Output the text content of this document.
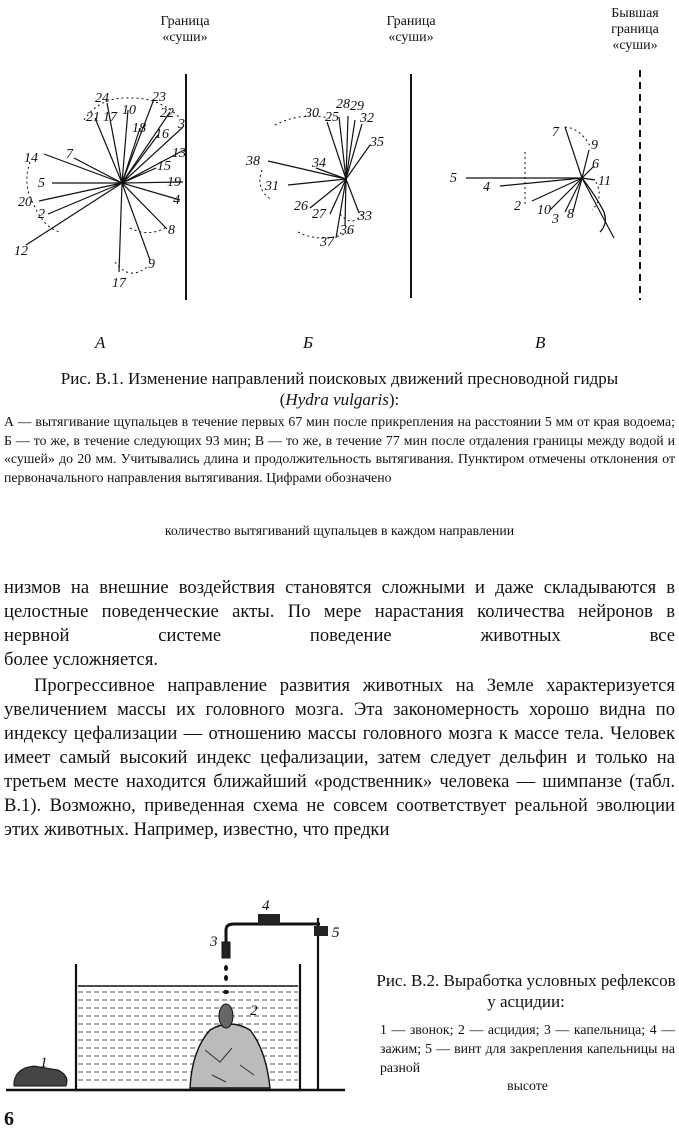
Граница
«суши»
Граница
«суши»
Бывшая
граница
«суши»
24	23
10
21 17	22
18 16
3
13
14 7
15
5	19
20	4
2
8
12
9
17
30
28 29
25 32
35
38	34
31
26
27 33
36
37
7
9
6
11
5
4
2 10
3 8
А	Б	В
Рис. В.1. Изменение направлений поисковых движений пресноводной гидры
(Hydra vulgaris):
А — вытягивание щупальцев в течение первых 67 мин после прикрепления на расстоянии 5 мм от края водоема; Б — то же, в течение следующих 93 мин; В — то же, в течение 77 мин после отдаления границы между водой и «сушей» до 20 мм. Учитывались длина и продолжительность вытягивания. Пунктиром отмечены отклонения от первоначального направления вытягивания. Цифрами обозначено
количество вытягиваний щупальцев в каждом направлении
низмов на внешние воздействия становятся сложными и даже складываются в целостные поведенческие акты. По мере нарастания количества нейронов в нервной системе поведение животных все
более усложняется.
Прогрессивное направление развития животных на Земле характеризуется увеличением массы их головного мозга. Эта закономерность хорошо видна по индексу цефализации — отношению массы головного мозга к массе тела. Человек имеет самый высокий индекс цефализации, затем следует дельфин и только на третьем месте находится ближайший «родственник» человека — шимпанзе (табл. В.1). Возможно, приведенная схема не совсем соответствует реальной эволюции этих животных. Например, известно, что предки
1
2
3
4
5
Рис. В.2. Выработка условных рефлексов у асцидии:
1 — звонок; 2 — асцидия; 3 — капельница; 4 — зажим; 5 — винт для закрепления капельницы на разной
высоте
6
